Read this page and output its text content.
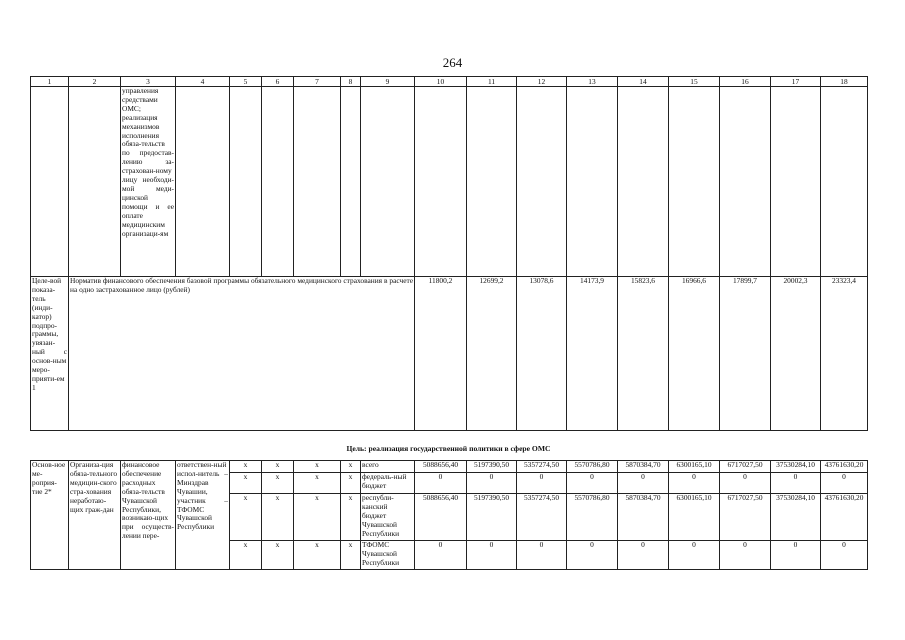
264
1	2	3	4	5	6	7	8	9	10	11	12	13	14	15	16	17	18
		управления средствами ОМС; реализация механизмов исполнения обяза-тельств по предостав-лению за-страхован-ному лицу необходи-мой меди-цинской помощи и ее оплате медицинским организаци-ям															
Целе-вой показа-тель (инди-катор) подпро-граммы, увязан-ный с основ-ным меро-прияти-ем 1	Норматив финансового обеспечения базовой программы обязательного медицинского страхования в расчете на одно застрахованное лицо (рублей)								11800,2	12699,2	13078,6	14173,9	15823,6	16966,6	17899,7	20002,3	23323,4
Цель: реализация государственной политики в сфере ОМС
Основ-ное ме-роприя-тие 2*	Организа-ция обяза-тельного медицин-ского стра-хования неработаю-щих граж-дан	финансовое обеспечение расходных обяза-тельств Чувашской Республики, возникаю-щих при осуществ-лении пере-	ответствен-ный испол-нитель – Минздрав Чувашии, участник – ТФОМС Чувашской Республики	x	x	x	x	всего	5088656,40	5197390,50	5357274,50	5570786,80	5870384,70	6300165,10	6717027,50	37530284,10	43761630,20
				x	x	x	x	федераль-ный бюджет	0	0	0	0	0	0	0	0	0
				x	x	x	x	республи-канский бюджет Чувашской Республики	5088656,40	5197390,50	5357274,50	5570786,80	5870384,70	6300165,10	6717027,50	37530284,10	43761630,20
				x	x	x	x	ТФОМС Чувашской Республики	0	0	0	0	0	0	0	0	0
